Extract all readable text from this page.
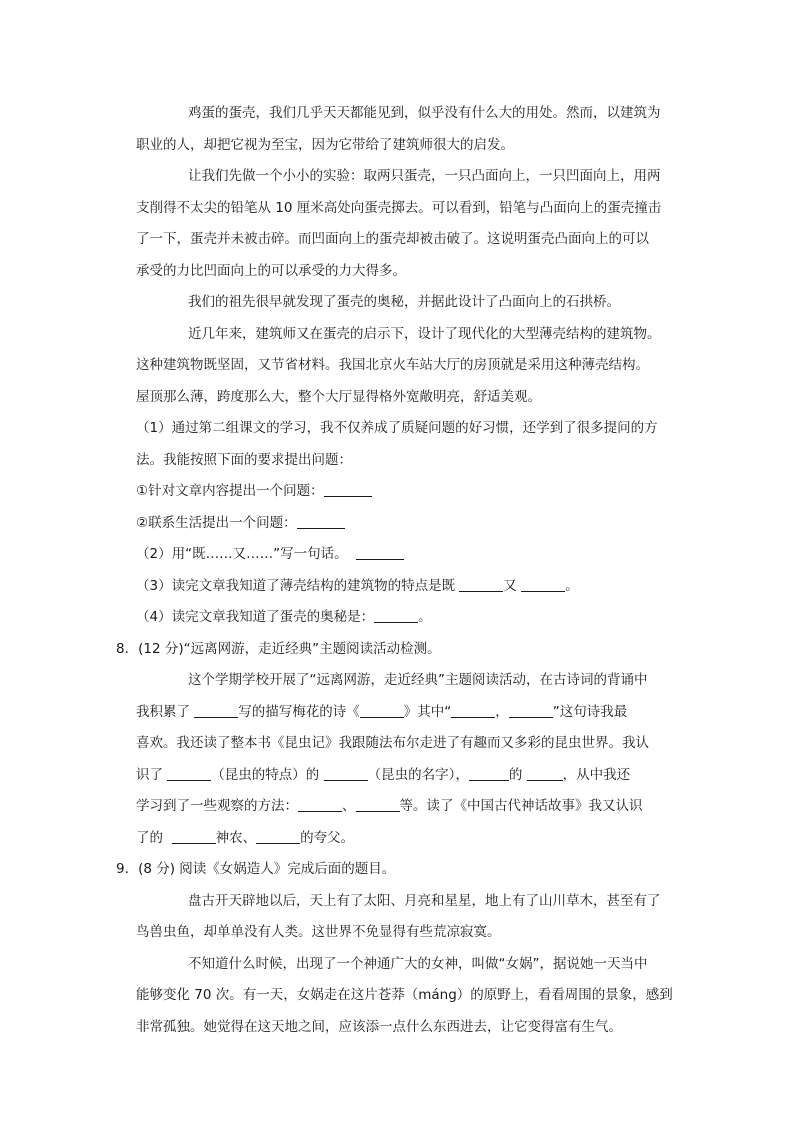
鸡蛋的蛋壳，我们几乎天天都能见到，似乎没有什么大的用处。然而，以建筑为
职业的人，却把它视为至宝，因为它带给了建筑师很大的启发。
让我们先做一个小小的实验：取两只蛋壳，一只凸面向上，一只凹面向上，用两
支削得不太尖的铅笔从 10 厘米高处向蛋壳掷去。可以看到，铅笔与凸面向上的蛋壳撞击
了一下，蛋壳并未被击碎。而凹面向上的蛋壳却被击破了。这说明蛋壳凸面向上的可以
承受的力比凹面向上的可以承受的力大得多。
我们的祖先很早就发现了蛋壳的奥秘，并据此设计了凸面向上的石拱桥。
近几年来，建筑师又在蛋壳的启示下，设计了现代化的大型薄壳结构的建筑物。
这种建筑物既坚固，又节省材料。我国北京火车站大厅的房顶就是采用这种薄壳结构。
屋顶那么薄，跨度那么大，整个大厅显得格外宽敞明亮，舒适美观。
（1）通过第二组课文的学习，我不仅养成了质疑问题的好习惯，还学到了很多提问的方
法。我能按照下面的要求提出问题：
①针对文章内容提出一个问题：
②联系生活提出一个问题：
（2）用“既……又……”写一句话。
（3）读完文章我知道了薄壳结构的建筑物的特点是既	又	。
（4）读完文章我知道了蛋壳的奥秘是：	。
8．(12 分)“远离网游，走近经典”主题阅读活动检测。
这个学期学校开展了“远离网游，走近经典”主题阅读活动，在古诗词的背诵中
我积累了	写的描写梅花的诗《	》其中“	，	”这句诗我最
喜欢。我还读了整本书《昆虫记》我跟随法布尔走进了有趣而又多彩的昆虫世界。我认
识了	（昆虫的特点）的	（昆虫的名字），	的	，从中我还
学习到了一些观察的方法：	、	等。读了《中国古代神话故事》我又认识
了的	神农、	的夸父。
9．(8 分) 阅读《女娲造人》完成后面的题目。
盘古开天辟地以后，天上有了太阳、月亮和星星，地上有了山川草木，甚至有了
鸟兽虫鱼，却单单没有人类。这世界不免显得有些荒凉寂寞。
不知道什么时候，出现了一个神通广大的女神，叫做“女娲”，据说她一天当中
能够变化 70 次。有一天，女娲走在这片苍莽（máng）的原野上，看看周围的景象，感到
非常孤独。她觉得在这天地之间，应该添一点什么东西进去，让它变得富有生气。
